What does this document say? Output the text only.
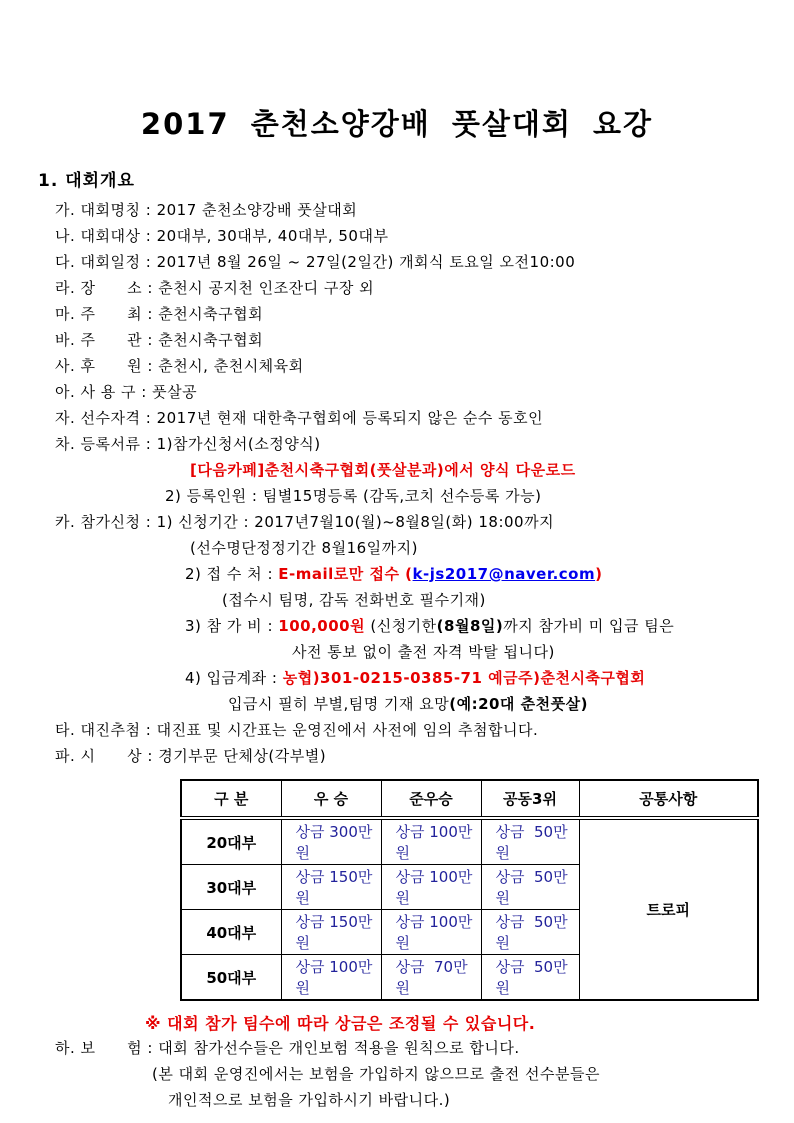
2017 춘천소양강배 풋살대회 요강
1. 대회개요
가. 대회명칭 : 2017 춘천소양강배 풋살대회
나. 대회대상 : 20대부, 30대부, 40대부, 50대부
다. 대회일정 : 2017년 8월 26일 ~ 27일(2일간) 개회식 토요일 오전10:00
라. 장      소 : 춘천시 공지천 인조잔디 구장 외
마. 주      최 : 춘천시축구협회
바. 주      관 : 춘천시축구협회
사. 후      원 : 춘천시, 춘천시체육회
아. 사 용 구 : 풋살공
자. 선수자격 : 2017년 현재 대한축구협회에 등록되지 않은 순수 동호인
차. 등록서류 : 1)참가신청서(소정양식)
[다음카페]춘천시축구협회(풋살분과)에서 양식 다운로드
2) 등록인원 : 팀별15명등록 (감독,코치 선수등록 가능)
카. 참가신청 : 1) 신청기간 : 2017년7월10(월)~8월8일(화) 18:00까지
(선수명단정정기간 8월16일까지)
2) 접 수 처 : E-mail로만 접수 (k-js2017@naver.com)
(접수시 팀명, 감독 전화번호 필수기재)
3) 참 가 비 : 100,000원 (신청기한(8월8일)까지 참가비 미 입금 팀은
사전 통보 없이 출전 자격 박탈 됩니다)
4) 입금계좌 : 농협)301-0215-0385-71 예금주)춘천시축구협회
입금시 필히 부별,팀명 기재 요망(예:20대 춘천풋살)
타. 대진추첨 : 대진표 및 시간표는 운영진에서 사전에 임의 추첨합니다.
파. 시      상 : 경기부문 단체상(각부별)
구 분	우 승	준우승	공동3위	공통사항
20대부	상금 300만원	상금 100만원	상금  50만원	트로피
30대부	상금 150만원	상금 100만원	상금  50만원	
40대부	상금 150만원	상금 100만원	상금  50만원	
50대부	상금 100만원	상금  70만원	상금  50만원	
※ 대회 참가 팀수에 따라 상금은 조정될 수 있습니다.
하. 보      험 : 대회 참가선수들은 개인보험 적용을 원칙으로 합니다.
(본 대회 운영진에서는 보험을 가입하지 않으므로 출전 선수분들은
개인적으로 보험을 가입하시기 바랍니다.)
